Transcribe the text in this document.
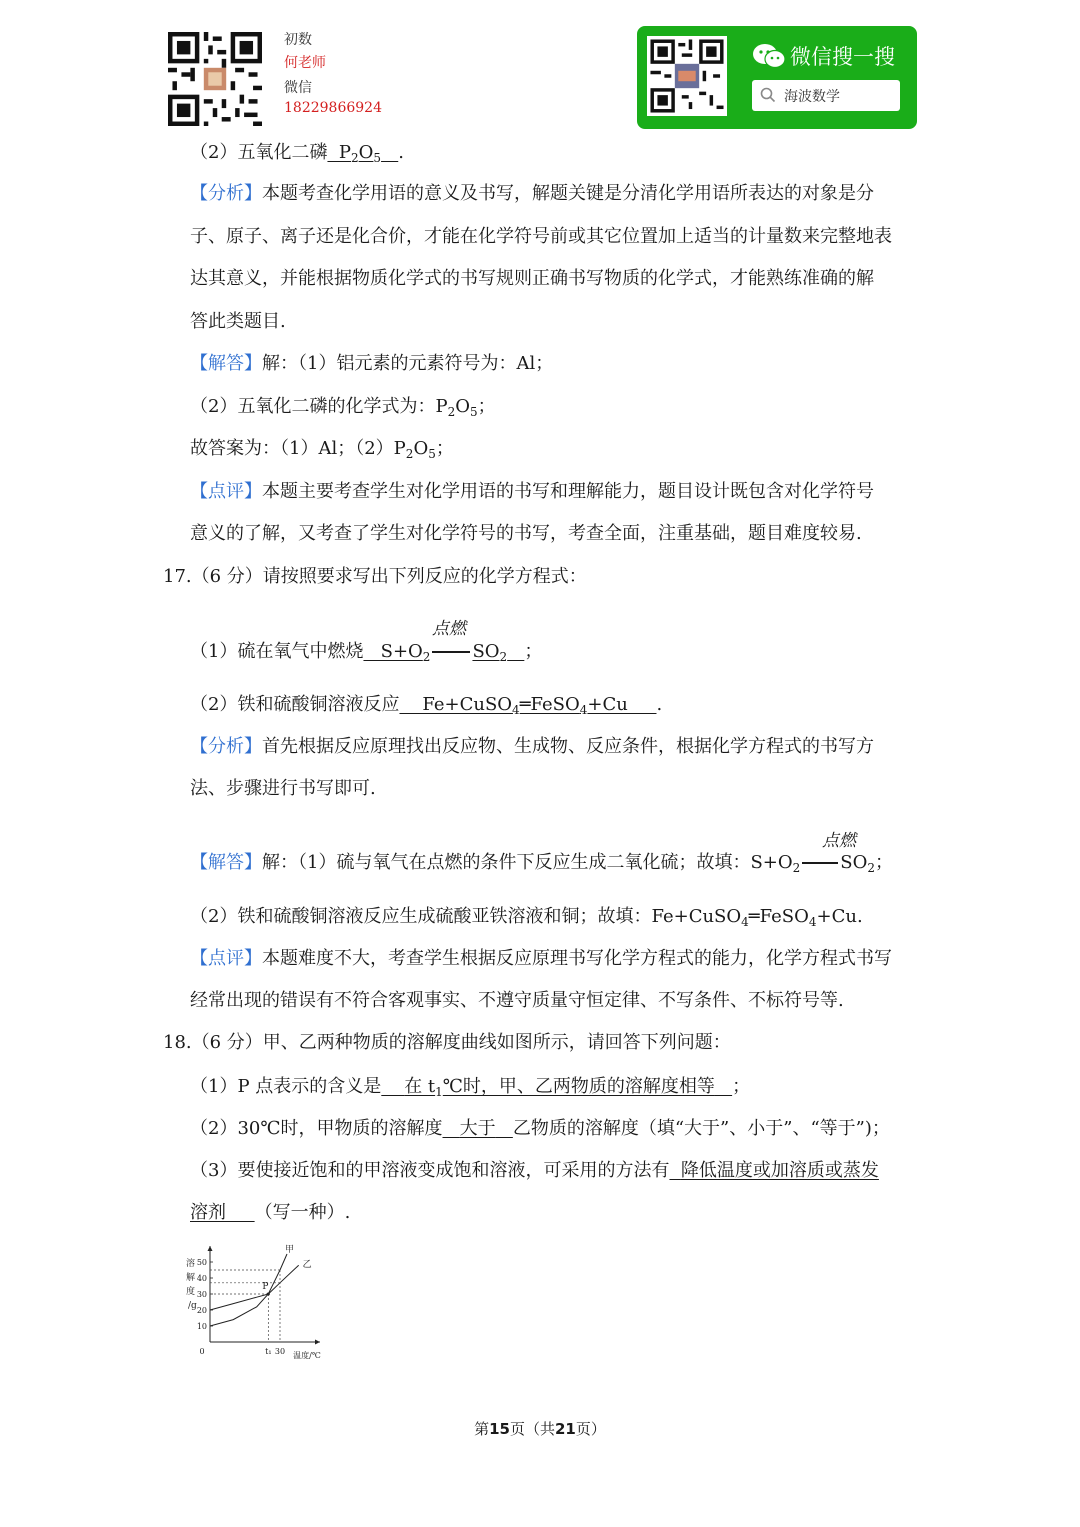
初数
何老师
微信
18229866924
微信搜一搜
海波数学
（2）五氧化二磷  $P_2O_5$ .
【分析】本题考查化学用语的意义及书写，解题关键是分清化学用语所表达的对象是分
子、原子、离子还是化合价，才能在化学符号前或其它位置加上适当的计量数来完整地表
达其意义，并能根据物质化学式的书写规则正确书写物质的化学式，才能熟练准确的解
答此类题目.
【解答】解：（1）铝元素的元素符号为：Al；
（2）五氧化二磷的化学式为：$P_2O_5$；
故答案为：（1）Al；$(2)P_2O_5$；
【点评】本题主要考查学生对化学用语的书写和理解能力，题目设计既包含对化学符号
意义的了解，又考查了学生对化学符号的书写，考查全面，注重基础，题目难度较易.
17.（6 分）请按照要求写出下列反应的化学方程式：
点燃
（1）硫在氧气中燃烧   $S+O_2$ $SO_2$ ；
（2）铁和硫酸铜溶液反应    Fe+CuSO$_4$═FeSO$_4$+Cu     .
【分析】首先根据反应原理找出反应物、生成物、反应条件，根据化学方程式的书写方
法、步骤进行书写即可.
点燃
【解答】解：（1）硫与氧气在点燃的条件下反应生成二氧化硫；故填：$S+O_2$ $SO_2$；
（2）铁和硫酸铜溶液反应生成硫酸亚铁溶液和铜；故填：Fe+CuSO$_4$═FeSO$_4$+Cu.
【点评】本题难度不大，考查学生根据反应原理书写化学方程式的能力，化学方程式书写
经常出现的错误有不符合客观事实、不遵守质量守恒定律、不写条件、不标符号等.
18.（6 分）甲、乙两种物质的溶解度曲线如图所示，请回答下列问题：
（1）P 点表示的含义是 在 $t_1℃$时，甲、乙两物质的溶解度相等 ；
（2）30℃时，甲物质的溶解度 大于 乙物质的溶解度（填“大于”、小于”、“等于”)；
（3）要使接近饱和的甲溶液变成饱和溶液，可采用的方法有 降低温度或加溶质或蒸发
溶剂 （写一种）.
溶
解
度
/g
10
20
30
40
50
0	t₁ 30 温度/℃
甲
乙
P
第15页（共21页）
